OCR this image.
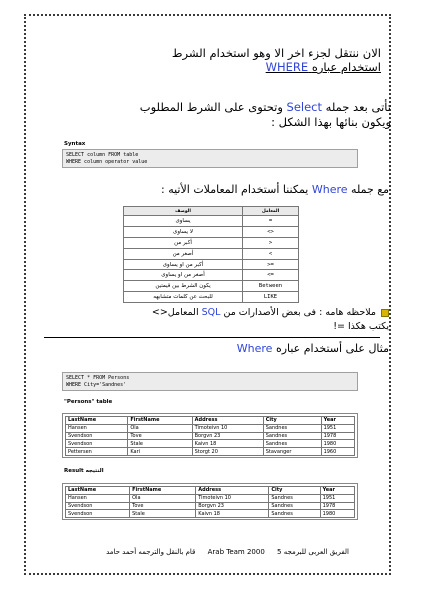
الان ننتقل لجزء اخر الا وهو استخدام الشرط
استخدام عباره WHERE
تأتى بعد جمله Select وتحتوى على الشرط المطلوب
ويكون بنائها بهذا الشكل :
Syntax
SELECT column FROM table
WHERE column operator value
مع جمله Where يمكننا أستخدام المعاملات الأتيه :
الوصف	المعامل
يساوى	=
لا يساوى	<>
أكبر من	>
أصغر من	<
أكبر من او يساوى	>=
أصغر من او يساوى	<=
يكون الشرط بين قيمتين	Between
للبحث عن كلمات متشابهه	LIKE
ملاحظه هامه : فى بعض الأصدارات من SQL المعامل<>
يكتب هكذا =!
مثال على أستخدام عباره Where
SELECT * FROM Persons
WHERE City='Sandnes'
"Persons" table
LastName	FirstName	Address	City	Year
Hansen	Ola	Timoteivn 10	Sandnes	1951
Svendson	Tove	Borgvn 23	Sandnes	1978
Svendson	Stale	Kaivn 18	Sandnes	1980
Pettersen	Kari	Storgt 20	Stavanger	1960
Result النتيجه
LastName	FirstName	Address	City	Year
Hansen	Ola	Timoteivn 10	Sandnes	1951
Svendson	Tove	Borgvn 23	Sandnes	1978
Svendson	Stale	Kaivn 18	Sandnes	1980
الفريق العربى للبرمجه Arab Team 2000 5 قام بالنقل والترجمه أحمد حامد
